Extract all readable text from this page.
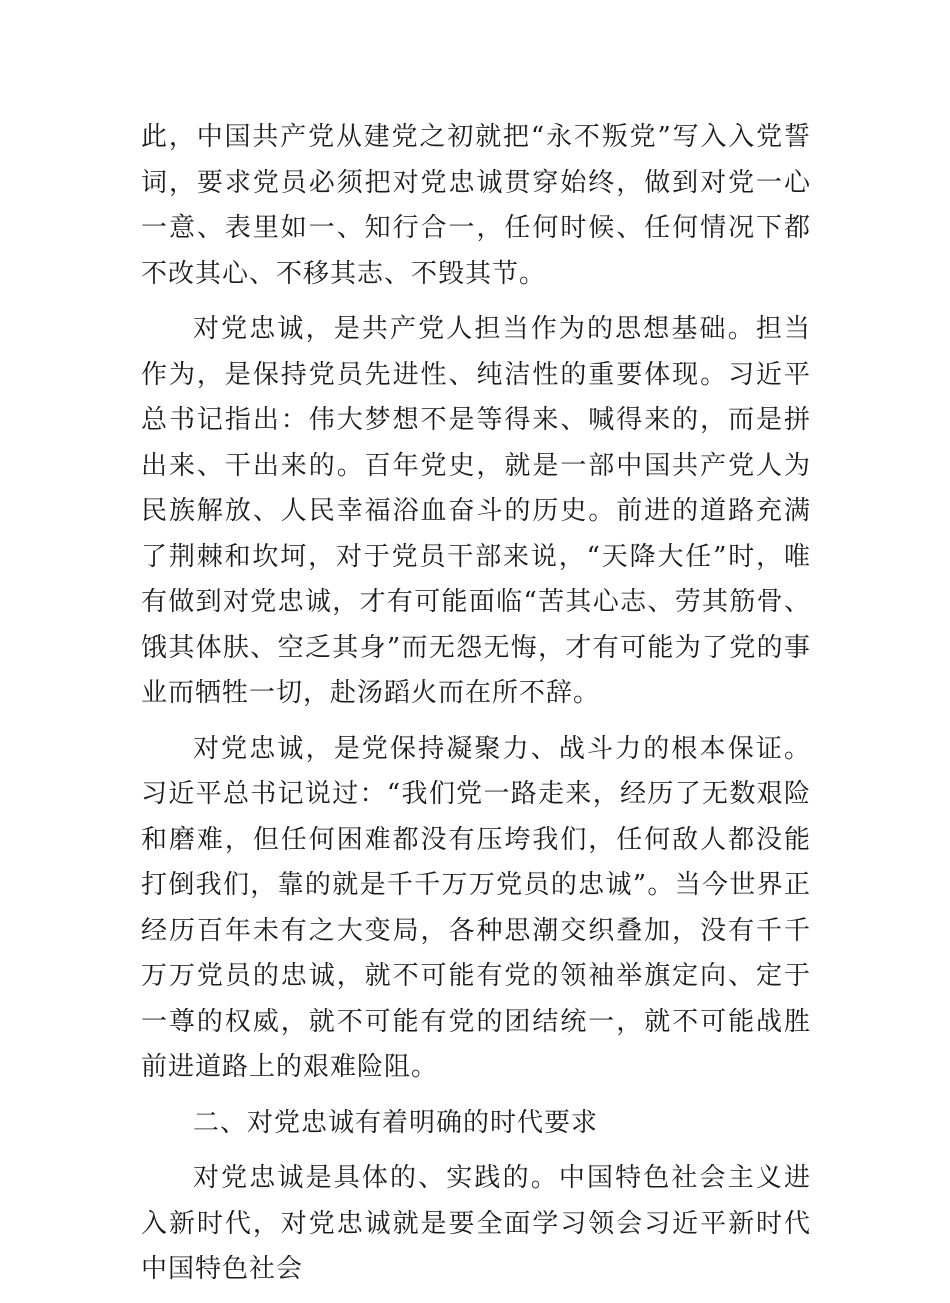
此，中国共产党从建党之初就把“永不叛党”写入入党誓词，要求党员必须把对党忠诚贯穿始终，做到对党一心一意、表里如一、知行合一，任何时候、任何情况下都不改其心、不移其志、不毁其节。

对党忠诚，是共产党人担当作为的思想基础。担当作为，是保持党员先进性、纯洁性的重要体现。习近平总书记指出：伟大梦想不是等得来、喊得来的，而是拼出来、干出来的。百年党史，就是一部中国共产党人为民族解放、人民幸福浴血奋斗的历史。前进的道路充满了荆棘和坎坷，对于党员干部来说，“天降大任”时，唯有做到对党忠诚，才有可能面临“苦其心志、劳其筋骨、饿其体肤、空乏其身”而无怨无悔，才有可能为了党的事业而牺牲一切，赴汤蹈火而在所不辞。

对党忠诚，是党保持凝聚力、战斗力的根本保证。习近平总书记说过：“我们党一路走来，经历了无数艰险和磨难，但任何困难都没有压垮我们，任何敌人都没能打倒我们，靠的就是千千万万党员的忠诚”。当今世界正经历百年未有之大变局，各种思潮交织叠加，没有千千万万党员的忠诚，就不可能有党的领袖举旗定向、定于一尊的权威，就不可能有党的团结统一，就不可能战胜前进道路上的艰难险阻。

二、对党忠诚有着明确的时代要求

对党忠诚是具体的、实践的。中国特色社会主义进入新时代，对党忠诚就是要全面学习领会习近平新时代中国特色社会
